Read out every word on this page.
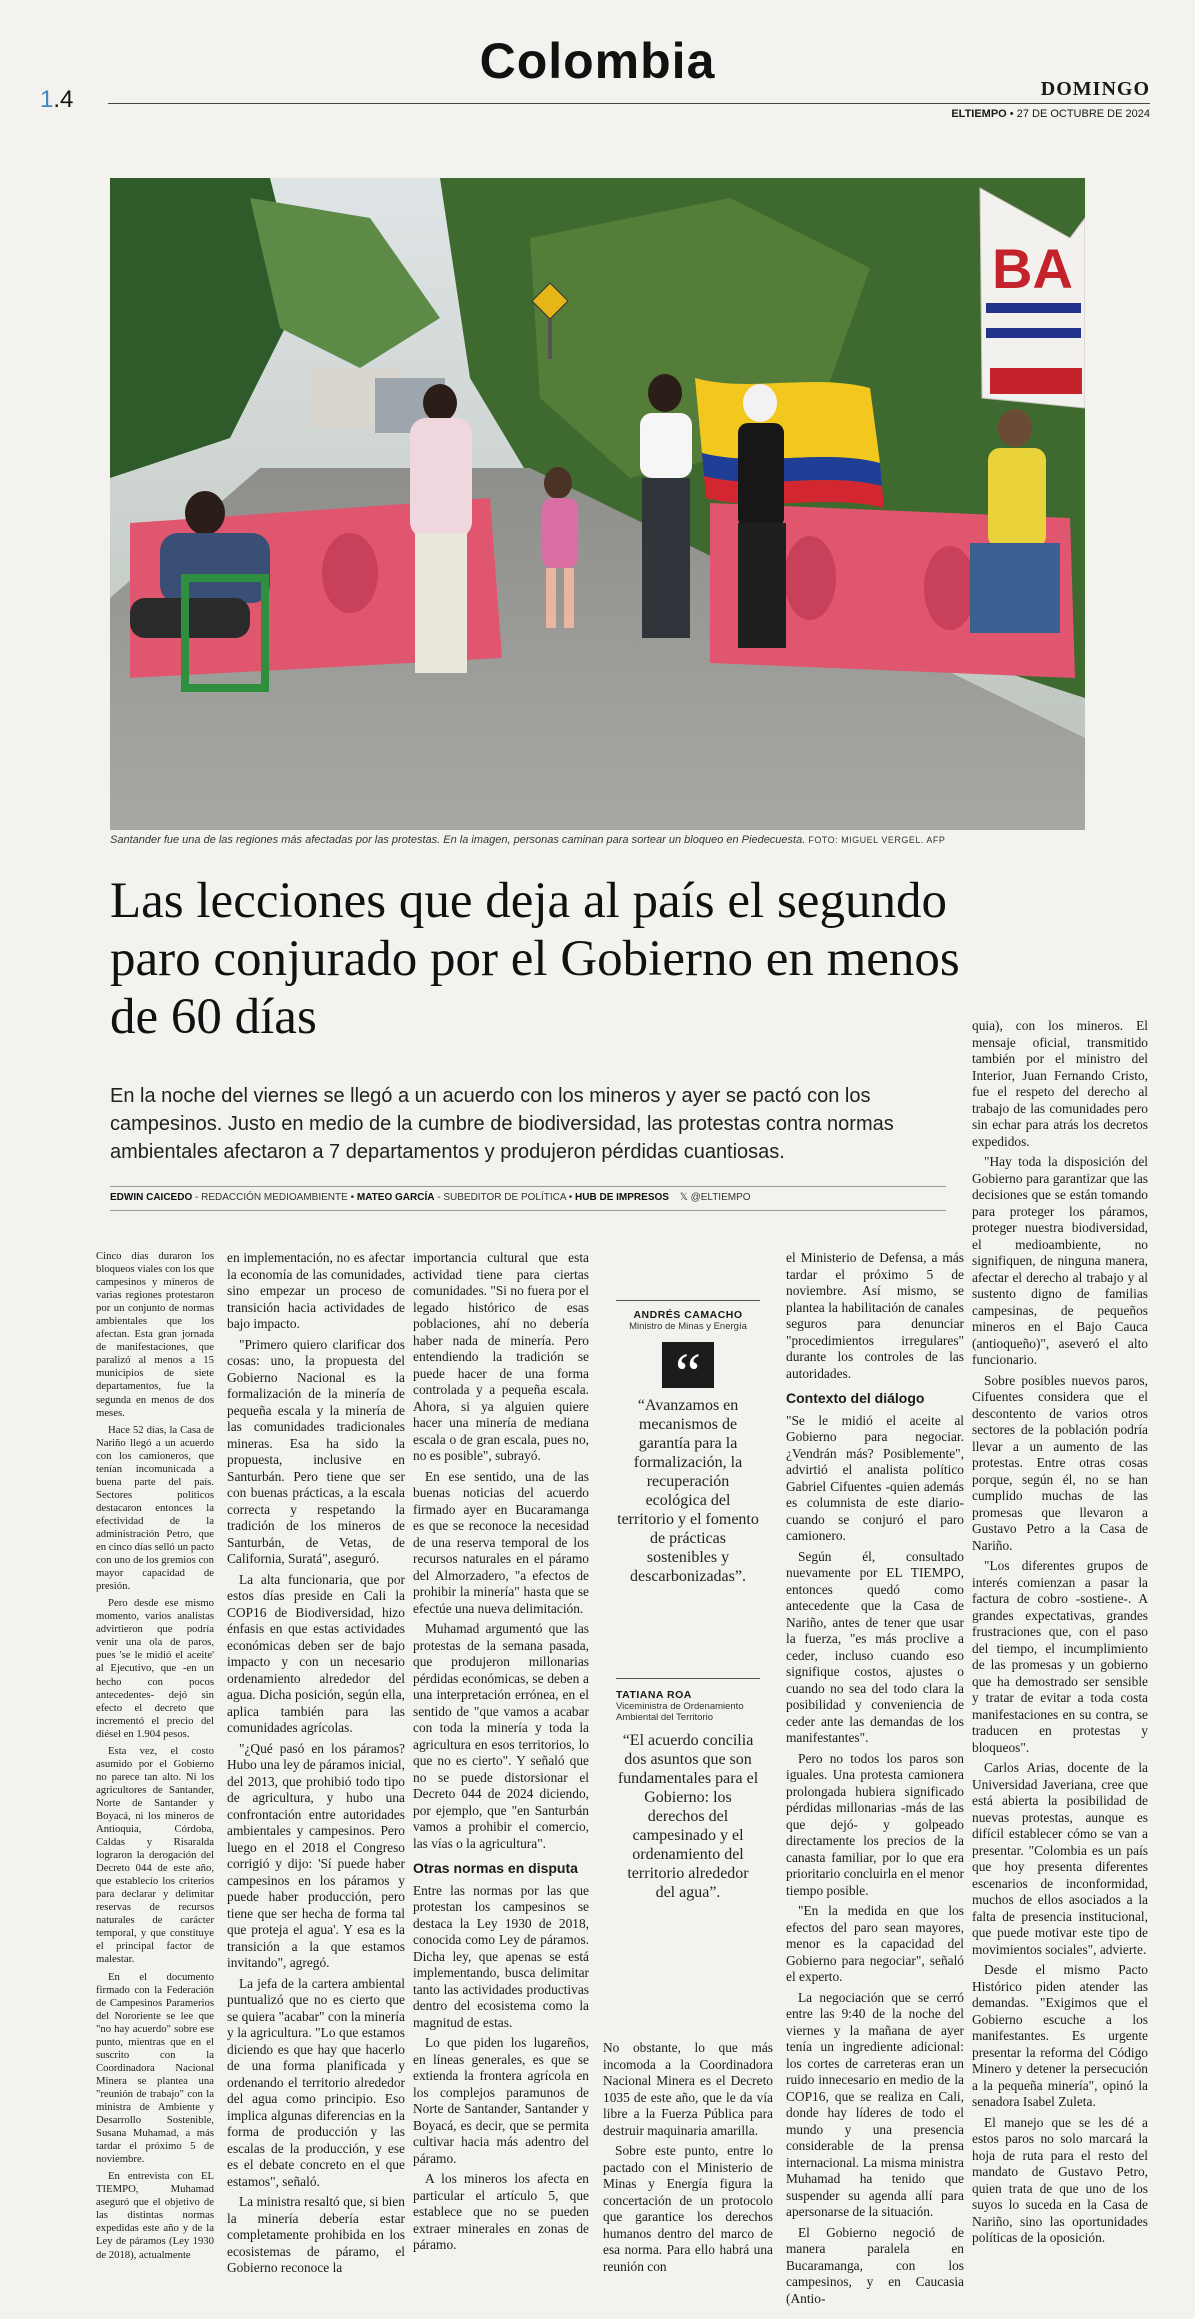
Colombia
1.4	DOMINGO
ELTIEMPO • 27 DE OCTUBRE DE 2024
BA
Santander fue una de las regiones más afectadas por las protestas. En la imagen, personas caminan para sortear un bloqueo en Piedecuesta. FOTO: MIGUEL VERGEL. AFP
Las lecciones que deja al país el segundo paro conjurado por el Gobierno en menos de 60 días
En la noche del viernes se llegó a un acuerdo con los mineros y ayer se pactó con los campesinos. Justo en medio de la cumbre de biodiversidad, las protestas contra normas ambientales afectaron a 7 departamentos y produjeron pérdidas cuantiosas.
EDWIN CAICEDO - REDACCIÓN MEDIOAMBIENTE • MATEO GARCÍA - SUBEDITOR DE POLÍTICA • HUB DE IMPRESOS 𝕏 @ELTIEMPO

Cinco días duraron los bloqueos viales con los que campesinos y mineros de varias regiones protestaron por un conjunto de normas ambientales que los afectan. Esta gran jornada de manifestaciones, que paralizó al menos a 15 municipios de siete departamentos, fue la segunda en menos de dos meses.

Hace 52 días, la Casa de Nariño llegó a un acuerdo con los camioneros, que tenían incomunicada a buena parte del país. Sectores políticos destacaron entonces la efectividad de la administración Petro, que en cinco días selló un pacto con uno de los gremios con mayor capacidad de presión.

Pero desde ese mismo momento, varios analistas advirtieron que podría venir una ola de paros, pues 'se le midió el aceite' al Ejecutivo, que -en un hecho con pocos antecedentes- dejó sin efecto el decreto que incrementó el precio del diésel en 1.904 pesos.

Esta vez, el costo asumido por el Gobierno no parece tan alto. Ni los agricultores de Santander, Norte de Santander y Boyacá, ni los mineros de Antioquia, Córdoba, Caldas y Risaralda lograron la derogación del Decreto 044 de este año, que establecío los criterios para declarar y delimitar reservas de recursos naturales de carácter temporal, y que constituye el principal factor de malestar.

En el documento firmado con la Federación de Campesinos Paramerios del Nororiente se lee que "no hay acuerdo" sobre ese punto, mientras que en el suscrito con la Coordinadora Nacional Minera se plantea una "reunión de trabajo" con la ministra de Ambiente y Desarrollo Sostenible, Susana Muhamad, a más tardar el próximo 5 de noviembre.

En entrevista con EL TIEMPO, Muhamad aseguró que el objetivo de las distintas normas expedidas este año y de la Ley de páramos (Ley 1930 de 2018), actualmente

en implementación, no es afectar la economía de las comunidades, sino empezar un proceso de transición hacia actividades de bajo impacto.

"Primero quiero clarificar dos cosas: uno, la propuesta del Gobierno Nacional es la formalización de la minería de pequeña escala y la minería de las comunidades tradicionales mineras. Esa ha sido la propuesta, inclusive en Santurbán. Pero tiene que ser con buenas prácticas, a la escala correcta y respetando la tradición de los mineros de Santurbán, de Vetas, de California, Suratá", aseguró.

La alta funcionaria, que por estos días preside en Cali la COP16 de Biodiversidad, hizo énfasis en que estas actividades económicas deben ser de bajo impacto y con un necesario ordenamiento alrededor del agua. Dicha posición, según ella, aplica también para las comunidades agrícolas.

"¿Qué pasó en los páramos? Hubo una ley de páramos inicial, del 2013, que prohibió todo tipo de agricultura, y hubo una confrontación entre autoridades ambientales y campesinos. Pero luego en el 2018 el Congreso corrigió y dijo: 'Sí puede haber campesinos en los páramos y puede haber producción, pero tiene que ser hecha de forma tal que proteja el agua'. Y esa es la transición a la que estamos invitando", agregó.

La jefa de la cartera ambiental puntualizó que no es cierto que se quiera "acabar" con la minería y la agricultura. "Lo que estamos diciendo es que hay que hacerlo de una forma planificada y ordenando el territorio alrededor del agua como principio. Eso implica algunas diferencias en la forma de producción y las escalas de la producción, y ese es el debate concreto en el que estamos", señaló.

La ministra resaltó que, si bien la minería debería estar completamente prohibida en los ecosistemas de páramo, el Gobierno reconoce la

importancia cultural que esta actividad tiene para ciertas comunidades. "Si no fuera por el legado histórico de esas poblaciones, ahí no debería haber nada de minería. Pero entendiendo la tradición se puede hacer de una forma controlada y a pequeña escala. Ahora, si ya alguien quiere hacer una minería de mediana escala o de gran escala, pues no, no es posible", subrayó.

En ese sentido, una de las buenas noticias del acuerdo firmado ayer en Bucaramanga es que se reconoce la necesidad de una reserva temporal de los recursos naturales en el páramo del Almorzadero, "a efectos de prohibir la minería" hasta que se efectúe una nueva delimitación.

Muhamad argumentó que las protestas de la semana pasada, que produjeron millonarias pérdidas económicas, se deben a una interpretación errónea, en el sentido de "que vamos a acabar con toda la minería y toda la agricultura en esos territorios, lo que no es cierto". Y señaló que no se puede distorsionar el Decreto 044 de 2024 diciendo, por ejemplo, que "en Santurbán vamos a prohibir el comercio, las vías o la agricultura".

Otras normas en disputa

Entre las normas por las que protestan los campesinos se destaca la Ley 1930 de 2018, conocida como Ley de páramos. Dicha ley, que apenas se está implementando, busca delimitar tanto las actividades productivas dentro del ecosistema como la magnitud de estas.

Lo que piden los lugareños, en líneas generales, es que se extienda la frontera agrícola en los complejos paramunos de Norte de Santander, Santander y Boyacá, es decir, que se permita cultivar hacia más adentro del páramo.

A los mineros los afecta en particular el artículo 5, que establece que no se pueden extraer minerales en zonas de páramo.

ANDRÉS CAMACHO
Ministro de Minas y Energía
“
“Avanzamos en mecanismos de garantía para la formalización, la recuperación ecológica del territorio y el fomento de prácticas sostenibles y descarbonizadas”.
TATIANA ROA
Viceministra de Ordenamiento Ambiental del Territorio
“El acuerdo concilia dos asuntos que son fundamentales para el Gobierno: los derechos del campesinado y el ordenamiento del territorio alrededor del agua”.

No obstante, lo que más incomoda a la Coordinadora Nacional Minera es el Decreto 1035 de este año, que le da vía libre a la Fuerza Pública para destruir maquinaria amarilla.

Sobre este punto, entre lo pactado con el Ministerio de Minas y Energía figura la concertación de un protocolo que garantice los derechos humanos dentro del marco de esa norma. Para ello habrá una reunión con

el Ministerio de Defensa, a más tardar el próximo 5 de noviembre. Así mismo, se plantea la habilitación de canales seguros para denunciar "procedimientos irregulares" durante los controles de las autoridades.

Contexto del diálogo

"Se le midió el aceite al Gobierno para negociar. ¿Vendrán más? Posiblemente", advirtió el analista político Gabriel Cifuentes -quien además es columnista de este diario- cuando se conjuró el paro camionero.

Según él, consultado nuevamente por EL TIEMPO, entonces quedó como antecedente que la Casa de Nariño, antes de tener que usar la fuerza, "es más proclive a ceder, incluso cuando eso signifique costos, ajustes o cuando no sea del todo clara la posibilidad y conveniencia de ceder ante las demandas de los manifestantes".

Pero no todos los paros son iguales. Una protesta camionera prolongada hubiera significado pérdidas millonarias -más de las que dejó- y golpeado directamente los precios de la canasta familiar, por lo que era prioritario concluirla en el menor tiempo posible.

"En la medida en que los efectos del paro sean mayores, menor es la capacidad del Gobierno para negociar", señaló el experto.

La negociación que se cerró entre las 9:40 de la noche del viernes y la mañana de ayer tenía un ingrediente adicional: los cortes de carreteras eran un ruido innecesario en medio de la COP16, que se realiza en Cali, donde hay líderes de todo el mundo y una presencia considerable de la prensa internacional. La misma ministra Muhamad ha tenido que suspender su agenda allí para apersonarse de la situación.

El Gobierno negoció de manera paralela en Bucaramanga, con los campesinos, y en Caucasia (Antio-

quia), con los mineros. El mensaje oficial, transmitido también por el ministro del Interior, Juan Fernando Cristo, fue el respeto del derecho al trabajo de las comunidades pero sin echar para atrás los decretos expedidos.

"Hay toda la disposición del Gobierno para garantizar que las decisiones que se están tomando para proteger los páramos, proteger nuestra biodiversidad, el medioambiente, no signifiquen, de ninguna manera, afectar el derecho al trabajo y al sustento digno de familias campesinas, de pequeños mineros en el Bajo Cauca (antioqueño)", aseveró el alto funcionario.

Sobre posibles nuevos paros, Cifuentes considera que el descontento de varios otros sectores de la población podría llevar a un aumento de las protestas. Entre otras cosas porque, según él, no se han cumplido muchas de las promesas que llevaron a Gustavo Petro a la Casa de Nariño.

"Los diferentes grupos de interés comienzan a pasar la factura de cobro -sostiene-. A grandes expectativas, grandes frustraciones que, con el paso del tiempo, el incumplimiento de las promesas y un gobierno que ha demostrado ser sensible y tratar de evitar a toda costa manifestaciones en su contra, se traducen en protestas y bloqueos".

Carlos Arias, docente de la Universidad Javeriana, cree que está abierta la posibilidad de nuevas protestas, aunque es difícil establecer cómo se van a presentar. "Colombia es un país que hoy presenta diferentes escenarios de inconformidad, muchos de ellos asociados a la falta de presencia institucional, que puede motivar este tipo de movimientos sociales", advierte.

Desde el mismo Pacto Histórico piden atender las demandas. "Exigimos que el Gobierno escuche a los manifestantes. Es urgente presentar la reforma del Código Minero y detener la persecución a la pequeña minería", opinó la senadora Isabel Zuleta.

El manejo que se les dé a estos paros no solo marcará la hoja de ruta para el resto del mandato de Gustavo Petro, quien trata de que uno de los suyos lo suceda en la Casa de Nariño, sino las oportunidades políticas de la oposición.
